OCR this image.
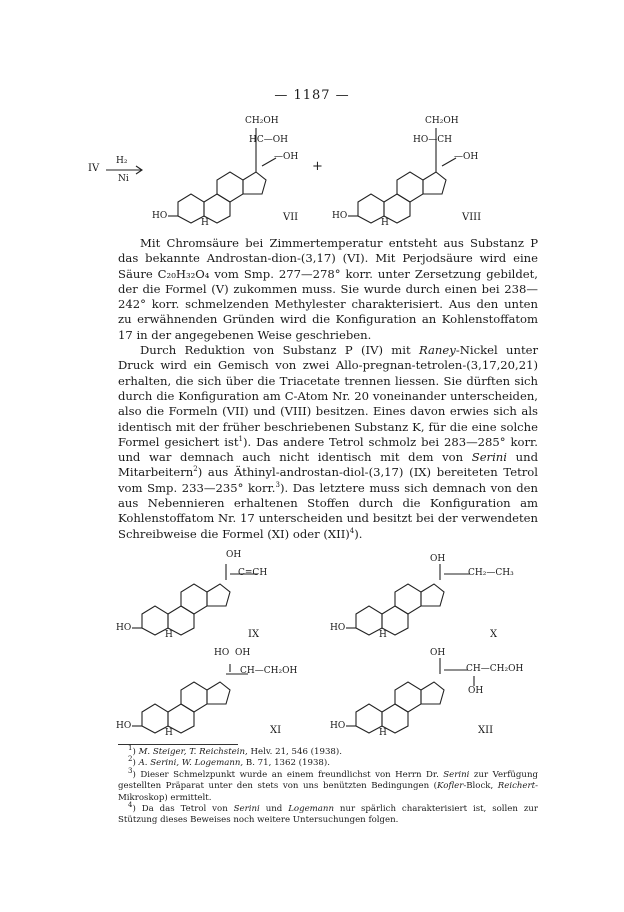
— 1187 —
IV
H₂
Ni
+
CH₂OH
HC—OH
—OH
HO
H	VII
CH₂OH
HO—CH
—OH
HO
H	VIII

Mit Chromsäure bei Zimmertemperatur entsteht aus Substanz P das bekannte Androstan-dion-(3,17) (VI). Mit Perjodsäure wird eine Säure C₂₀H₃₂O₄ vom Smp. 277—278° korr. unter Zersetzung gebildet, der die Formel (V) zukommen muss. Sie wurde durch einen bei 238—242° korr. schmelzenden Methylester charakterisiert. Aus den unten zu erwähnenden Gründen wird die Konfiguration an Kohlenstoffatom 17 in der angegebenen Weise geschrieben.

Durch Reduktion von Substanz P (IV) mit Raney-Nickel unter Druck wird ein Gemisch von zwei Allo-pregnan-tetrolen-(3,17,20,21) erhalten, die sich über die Triacetate trennen liessen. Sie dürften sich durch die Konfiguration am C-Atom Nr. 20 voneinander unterscheiden, also die Formeln (VII) und (VIII) besitzen. Eines davon erwies sich als identisch mit der früher beschriebenen Substanz K, für die eine solche Formel gesichert ist$^1$). Das andere Tetrol schmolz bei 283—285° korr. und war demnach auch nicht identisch mit dem von Serini und Mitarbeitern$^2$) aus Äthinyl-androstan-diol-(3,17) (IX) bereiteten Tetrol vom Smp. 233—235° korr.$^3$). Das letztere muss sich demnach von den aus Nebennieren erhaltenen Stoffen durch die Konfiguration am Kohlenstoffatom Nr. 17 unterscheiden und besitzt bei der verwendeten Schreibweise die Formel (XI) oder (XII)$^4$).

OH
C≡CH
HO
H	IX
OH
CH₂—CH₃
HO
H	X
HO  OH
CH—CH₂OH
HO
H	XI
OH
CH—CH₂OH
OH
HO
H	XII

$^1$) M. Steiger, T. Reichstein, Helv. 21, 546 (1938).

$^2$) A. Serini, W. Logemann, B. 71, 1362 (1938).

$^3$) Dieser Schmelzpunkt wurde an einem freundlichst von Herrn Dr. Serini zur Verfügung gestellten Präparat unter den stets von uns benützten Bedingungen (Kofler-Block, Reichert-Mikroskop) ermittelt.

$^4$) Da das Tetrol von Serini und Logemann nur spärlich charakterisiert ist, sollen zur Stützung dieses Beweises noch weitere Untersuchungen folgen.
